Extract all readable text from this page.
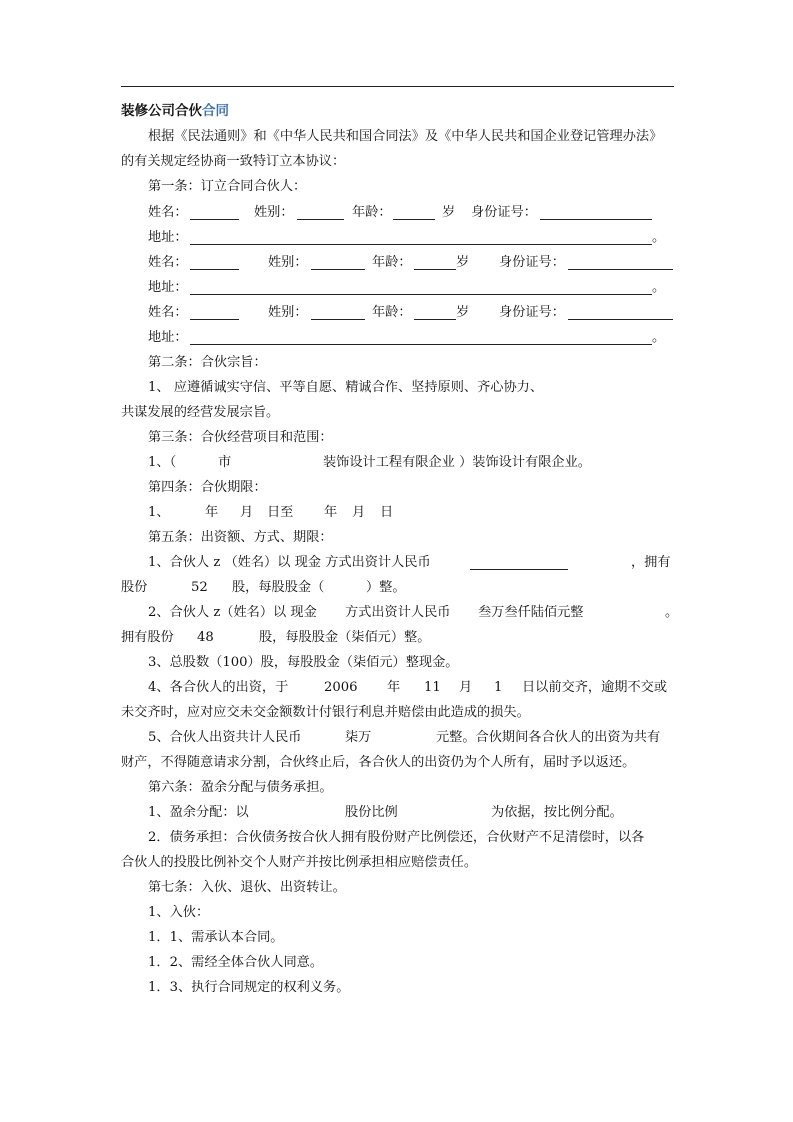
装修公司合伙合同
根据《民法通则》和《中华人民共和国合同法》及《中华人民共和国企业登记管理办法》
的有关规定经协商一致特订立本协议：
第一条：订立合同合伙人：
姓名：	姓别：	年龄：	岁 身份证号：
地址：	。
姓名：	姓别：	年龄：	岁 身份证号：
地址：	。
姓名：	姓别：	年龄：	岁 身份证号：
地址：	。
第二条：合伙宗旨：
1、 应遵循诚实守信、平等自愿、精诚合作、坚持原则、齐心协力、
共谋发展的经营发展宗旨。
第三条：合伙经营项目和范围：
1、（	市	装饰设计工程有限企业 ）装饰设计有限企业。
第四条：合伙期限：
1、	年 月 日至 年 月 日
第五条：出资额、方式、期限：
1、合伙人 z （姓名）以 现金 方式出资计人民币	，拥有
股份	52 股，每股股金（	）整。
2、合伙人 z（姓名）以 现金 方式出资计人民币 叁万叁仟陆佰元整	。
拥有股份 48	股，每股股金（柒佰元）整。
3、总股数（100）股，每股股金（柒佰元）整现金。
4、各合伙人的出资，于	2006 年 11 月 1 日以前交齐，逾期不交或
未交齐时，应对应交未交金额数计付银行利息并赔偿由此造成的损失。
5、合伙人出资共计人民币	柒万	元整。合伙期间各合伙人的出资为共有
财产，不得随意请求分割，合伙终止后，各合伙人的出资仍为个人所有，届时予以返还。
第六条：盈余分配与债务承担。
1、盈余分配：以	股份比例	为依据，按比例分配。
2．债务承担：合伙债务按合伙人拥有股份财产比例偿还，合伙财产不足清偿时，以各
合伙人的投股比例补交个人财产并按比例承担相应赔偿责任。
第七条：入伙、退伙、出资转让。
1、入伙：
1．1、需承认本合同。
1．2、需经全体合伙人同意。
1．3、执行合同规定的权利义务。
